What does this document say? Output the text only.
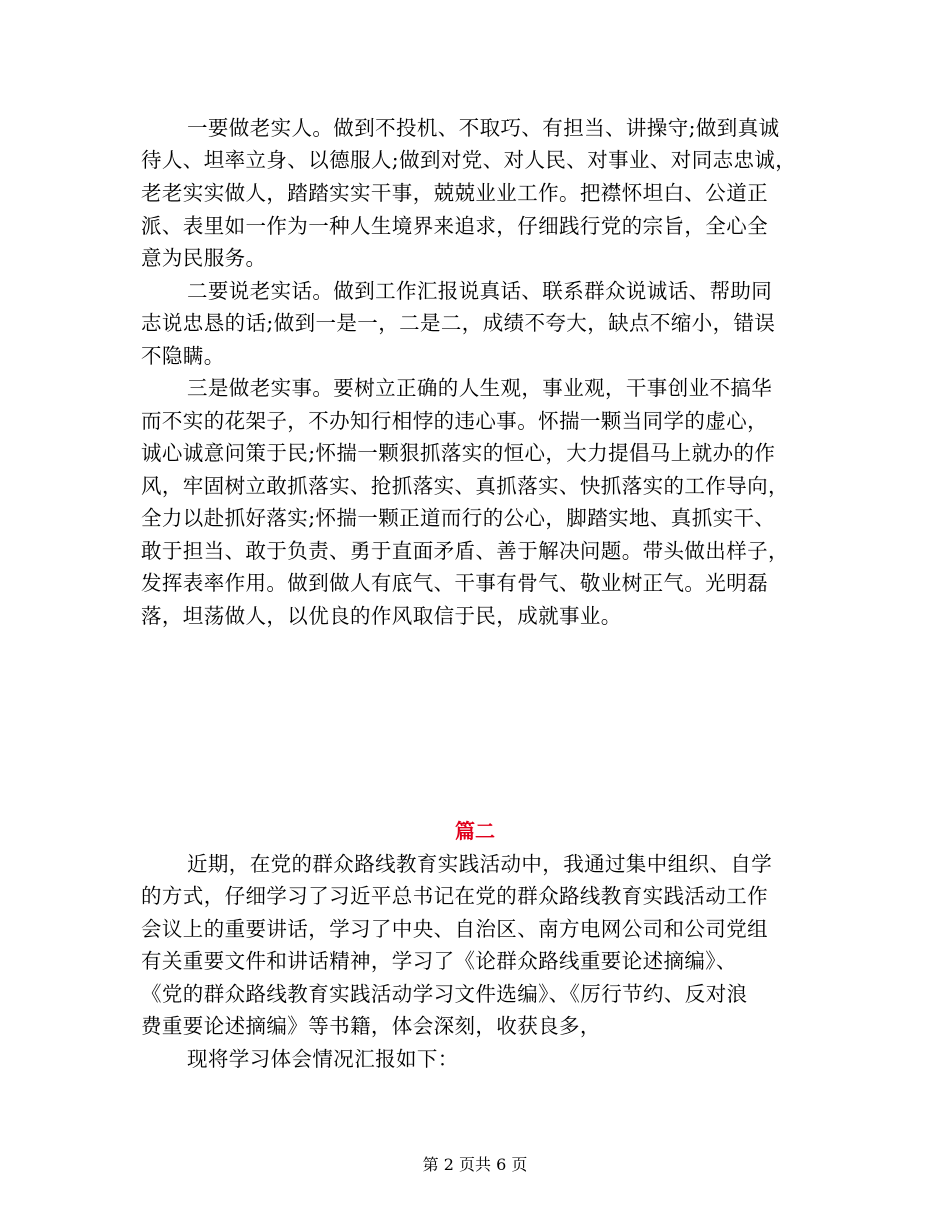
一要做老实人。做到不投机、不取巧、有担当、讲操守;做到真诚
待人、坦率立身、以德服人;做到对党、对人民、对事业、对同志忠诚，
老老实实做人，踏踏实实干事，兢兢业业工作。把襟怀坦白、公道正
派、表里如一作为一种人生境界来追求，仔细践行党的宗旨，全心全
意为民服务。
二要说老实话。做到工作汇报说真话、联系群众说诚话、帮助同
志说忠恳的话;做到一是一，二是二，成绩不夸大，缺点不缩小，错误
不隐瞒。
三是做老实事。要树立正确的人生观，事业观，干事创业不搞华
而不实的花架子，不办知行相悖的违心事。怀揣一颗当同学的虚心，
诚心诚意问策于民;怀揣一颗狠抓落实的恒心，大力提倡马上就办的作
风，牢固树立敢抓落实、抢抓落实、真抓落实、快抓落实的工作导向，
全力以赴抓好落实;怀揣一颗正道而行的公心，脚踏实地、真抓实干、
敢于担当、敢于负责、勇于直面矛盾、善于解决问题。带头做出样子，
发挥表率作用。做到做人有底气、干事有骨气、敬业树正气。光明磊
落，坦荡做人，以优良的作风取信于民，成就事业。
篇二
近期，在党的群众路线教育实践活动中，我通过集中组织、自学
的方式，仔细学习了习近平总书记在党的群众路线教育实践活动工作
会议上的重要讲话，学习了中央、自治区、南方电网公司和公司党组
有关重要文件和讲话精神，学习了《论群众路线重要论述摘编》、
《党的群众路线教育实践活动学习文件选编》、《厉行节约、反对浪
费重要论述摘编》等书籍，体会深刻，收获良多，
现将学习体会情况汇报如下：
第 2 页共 6 页
